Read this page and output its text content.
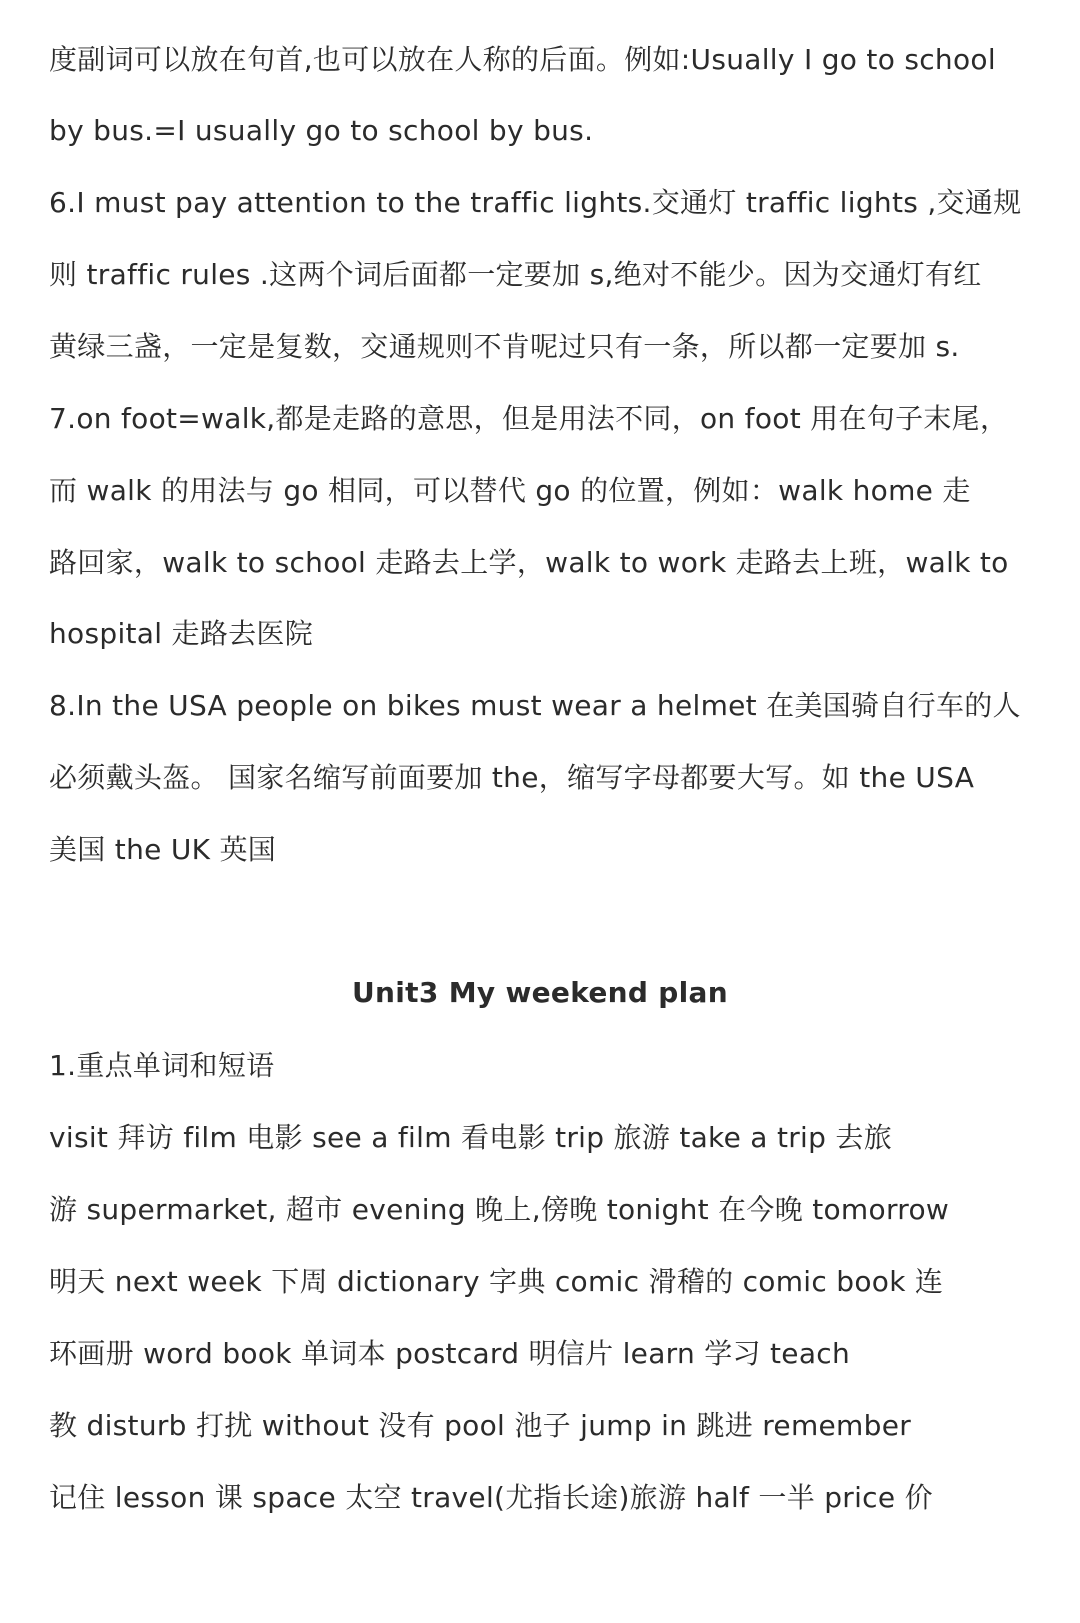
度副词可以放在句首,也可以放在人称的后面。例如:Usually I go to school
by bus.=I usually go to school by bus.
6.I must pay attention to the traffic lights.交通灯 traffic lights ,交通规
则 traffic rules .这两个词后面都一定要加 s,绝对不能少。因为交通灯有红
黄绿三盏，一定是复数，交通规则不肯呢过只有一条，所以都一定要加 s.
7.on foot=walk,都是走路的意思，但是用法不同，on foot 用在句子末尾，
而 walk 的用法与 go 相同，可以替代 go 的位置，例如：walk home 走
路回家，walk to school 走路去上学，walk to work 走路去上班，walk to
hospital 走路去医院
8.In the USA people on bikes must wear a helmet 在美国骑自行车的人
必须戴头盔。 国家名缩写前面要加 the，缩写字母都要大写。如 the USA
美国 the UK 英国
Unit3 My weekend plan
1.重点单词和短语
visit 拜访 film 电影 see a film 看电影 trip 旅游 take a trip 去旅
游 supermarket, 超市 evening 晚上,傍晚 tonight 在今晚 tomorrow
明天 next week 下周 dictionary 字典 comic 滑稽的 comic book 连
环画册 word book 单词本 postcard 明信片 learn 学习 teach
教 disturb 打扰 without 没有 pool 池子 jump in 跳进 remember
记住 lesson 课 space 太空 travel(尤指长途)旅游 half 一半 price 价
